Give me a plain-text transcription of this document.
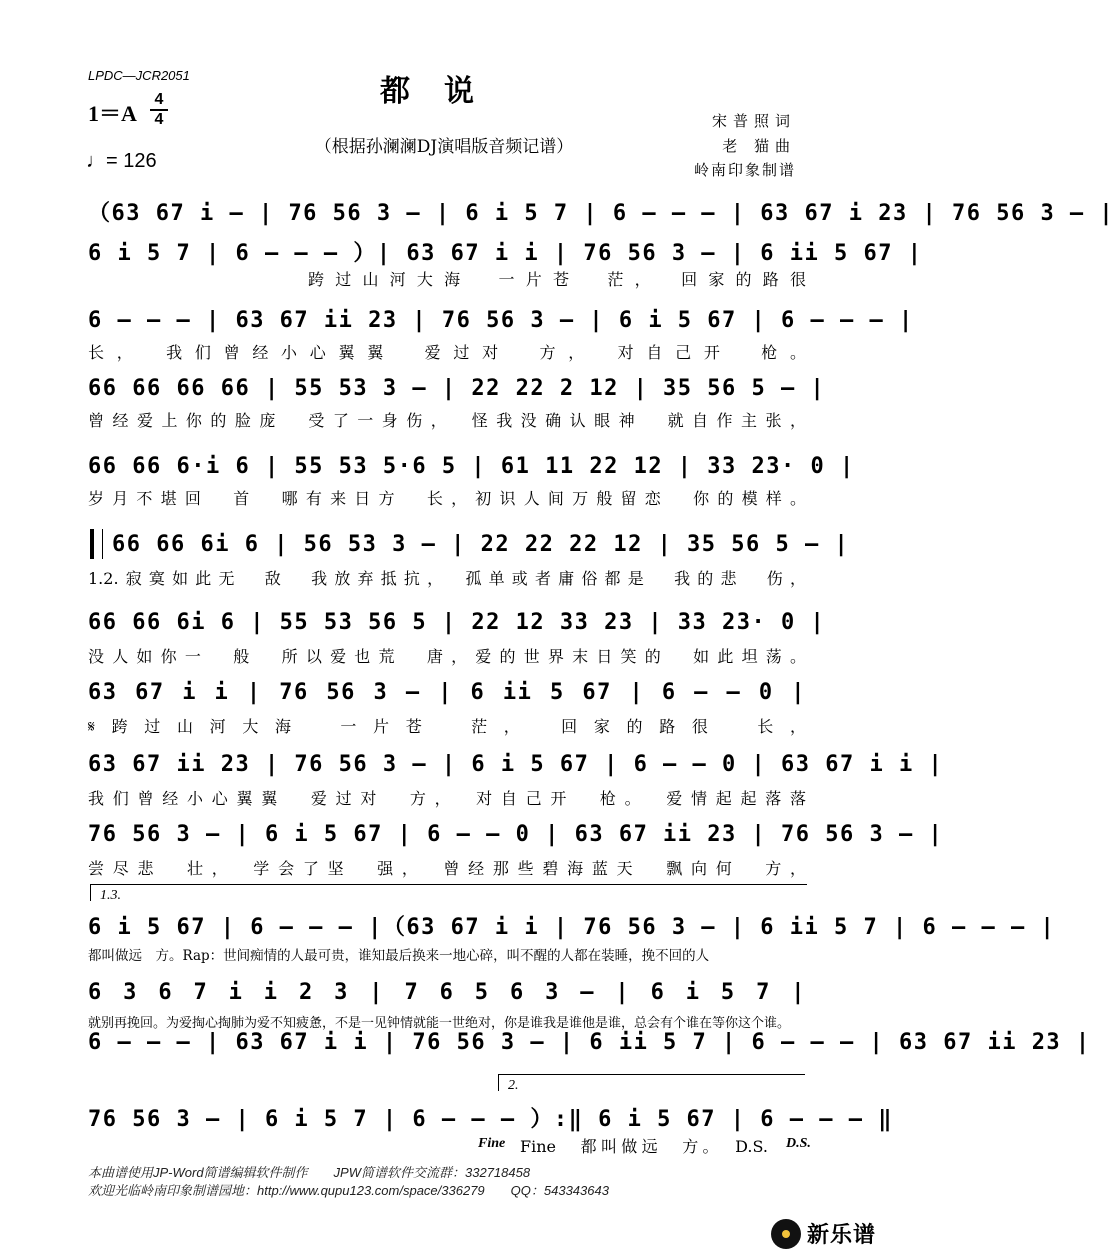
LPDC—JCR2051	都说
1＝A
4
4
（根据孙澜澜DJ演唱版音频记谱）
♩= 126
宋普照词
老 猫曲
岭南印象制谱
（63 67 i – | 76 56 3 – | 6 i 5 7 | 6 – – – | 63 67 i 23 | 76 56 3 – |
6 i 5 7 | 6 – – – ）| 63 67 i i | 76 56 3 – | 6 ii 5 67 |
跨过山河大海　一片苍　茫，　回家的路很
6 – – – | 63 67 ii 23 | 76 56 3 – | 6 i 5 67 | 6 – – – |
长，　我们曾经小心翼翼　爱过对　方，　对自己开　枪。
66 66 66 66 | 55 53 3 – | 22 22 2 12 | 35 56 5 – |
曾经爱上你的脸庞　受了一身伤，　怪我没确认眼神　就自作主张，
66 66 6·i 6 | 55 53 5·6 5 | 61 11 22 12 | 33 23· 0 |
岁月不堪回　首　哪有来日方　长，初识人间万般留恋　你的模样。
66 66 6i 6 | 56 53 3 – | 22 22 22 12 | 35 56 5 – |
1.2.寂寞如此无　敌　我放弃抵抗，　孤单或者庸俗都是　我的悲　伤，
66 66 6i 6 | 55 53 56 5 | 22 12 33 23 | 33 23· 0 |
没人如你一　般　所以爱也荒　唐，爱的世界末日笑的　如此坦荡。
63 67 i i | 76 56 3 – | 6 ii 5 67 | 6 – – 0 |
𝄋跨过山河大海　一片苍　茫，　回家的路很　长，
63 67 ii 23 | 76 56 3 – | 6 i 5 67 | 6 – – 0 | 63 67 i i |
我们曾经小心翼翼　爱过对　方，　对自己开　枪。　爱情起起落落
76 56 3 – | 6 i 5 67 | 6 – – 0 | 63 67 ii 23 | 76 56 3 – |
尝尽悲　壮，　学会了坚　强，　曾经那些碧海蓝天　飘向何　方，
1.3.
6 i 5 67 | 6 – – – |（63 67 i i | 76 56 3 – | 6 ii 5 7 | 6 – – – |
都叫做远　方。Rap：世间痴情的人最可贵，谁知最后换来一地心碎，叫不醒的人都在装睡，挽不回的人
6 3 6 7 i i 2 3 | 7 6 5 6 3 – | 6 i 5 7 |
就别再挽回。为爱掏心掏肺为爱不知疲惫，不是一见钟情就能一世绝对，你是谁我是谁他是谁，总会有个谁在等你这个谁。
6 – – – | 63 67 i i | 76 56 3 – | 6 ii 5 7 | 6 – – – | 63 67 ii 23 |
2.
76 56 3 – | 6 i 5 7 | 6 – – – ）:‖ 6 i 5 67 | 6 – – – ‖
Fine	D.S.
Fine　都叫做远　方。　D.S.
本曲谱使用JP-Word简谱编辑软件制作　　JPW简谱软件交流群：332718458
欢迎光临岭南印象制谱园地：http://www.qupu123.com/space/336279　　QQ：543343643
新乐谱
